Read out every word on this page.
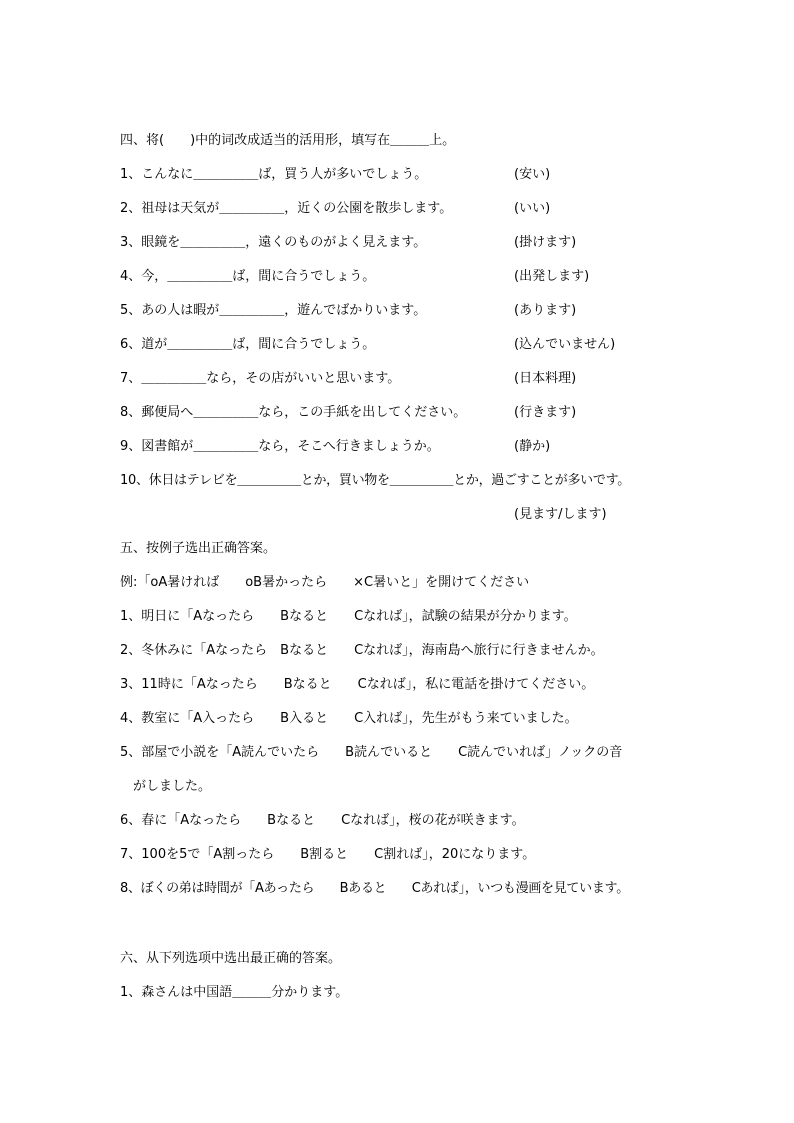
四、将(　　)中的词改成适当的活用形，填写在＿＿＿上。
1、こんなに＿＿＿＿＿ば，買う人が多いでしょう。	(安い)
2、祖母は天気が＿＿＿＿＿，近くの公園を散歩します。	(いい)
3、眼鏡を＿＿＿＿＿，遠くのものがよく見えます。	(掛けます)
4、今，＿＿＿＿＿ば，間に合うでしょう。	(出発します)
5、あの人は暇が＿＿＿＿＿，遊んでばかりいます。	(あります)
6、道が＿＿＿＿＿ば，間に合うでしょう。	(込んでいません)
7、＿＿＿＿＿なら，その店がいいと思います。	(日本料理)
8、郵便局へ＿＿＿＿＿なら，この手紙を出してください。	(行きます)
9、図書館が＿＿＿＿＿なら，そこへ行きましょうか。	(静か)
10、休日はテレビを＿＿＿＿＿とか，買い物を＿＿＿＿＿とか，過ごすことが多いです。
(見ます/します)
五、按例子选出正确答案。
例:「oA暑ければ　　oB暑かったら　　×C暑いと」を開けてください
1、明日に「Aなったら　　Bなると　　Cなれば」，試験の結果が分かります。
2、冬休みに「Aなったら　Bなると　　Cなれば」，海南島へ旅行に行きませんか。
3、11時に「Aなったら　　Bなると　　Cなれば」，私に電話を掛けてください。
4、教室に「A入ったら　　B入ると　　C入れば」，先生がもう来ていました。
5、部屋で小説を「A読んでいたら　　B読んでいると　　C読んでいれば」ノックの音
　がしました。
6、春に「Aなったら　　Bなると　　Cなれば」，桜の花が咲きます。
7、100を5で「A割ったら　　B割ると　　C割れば」，20になります。
8、ぼくの弟は時間が「Aあったら　　Bあると　　Cあれば」，いつも漫画を見ています。
六、从下列选项中选出最正确的答案。
1、森さんは中国語＿＿＿分かります。
